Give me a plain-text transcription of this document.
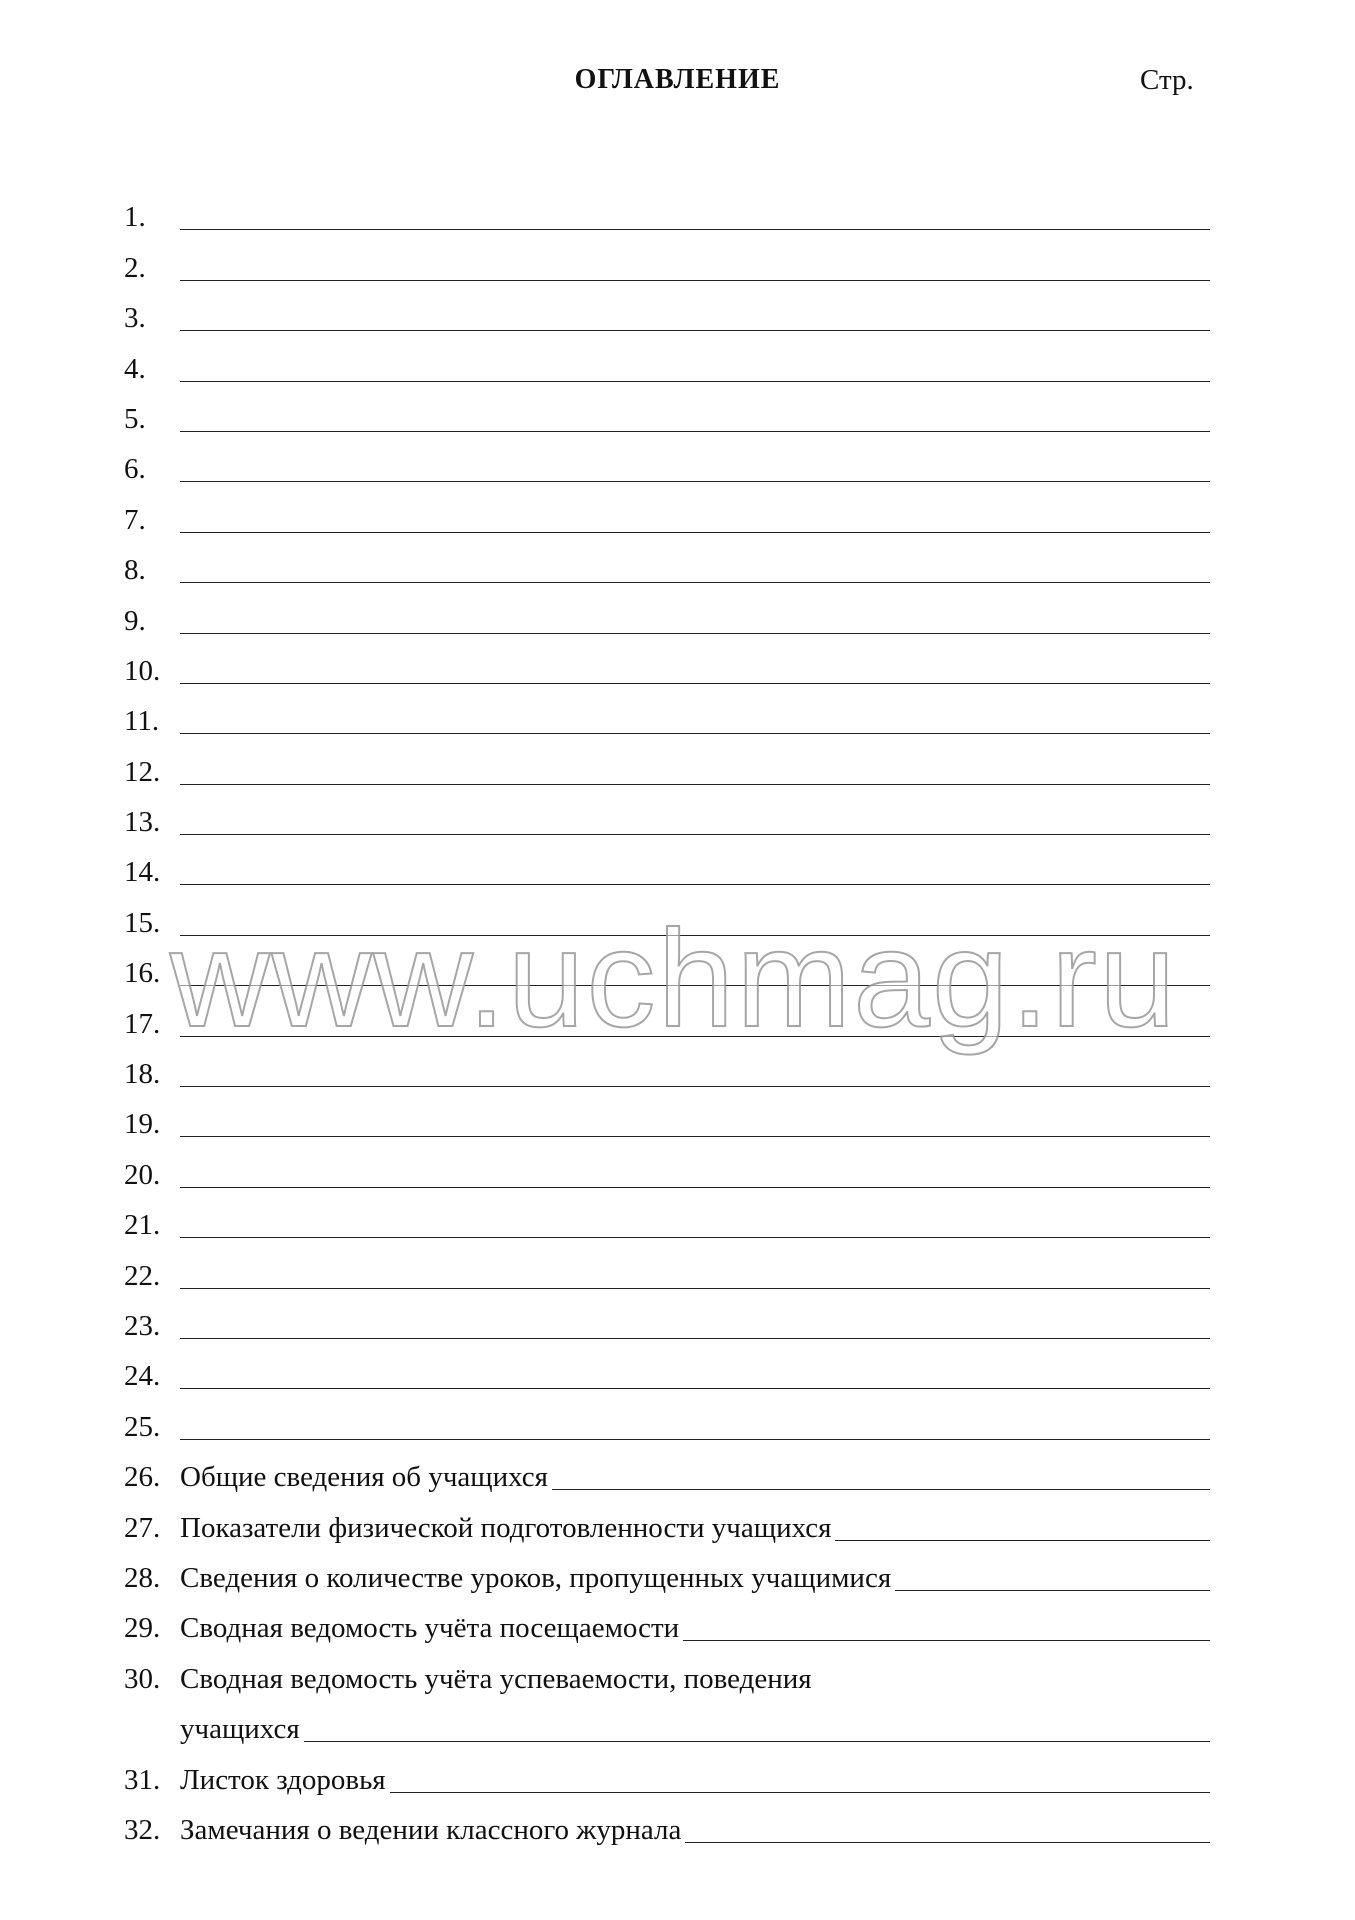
ОГЛАВЛЕНИЕ	Стр.
1.
2.
3.
4.
5.
6.
7.
8.
9.
10.
11.
12.
13.
14.
15.
16.
17.
18.
19.
20.
21.
22.
23.
24.
25.
26. Общие сведения об учащихся
27. Показатели физической подготовленности учащихся
28. Сведения о количестве уроков, пропущенных учащимися
29. Сводная ведомость учёта посещаемости
30. Сводная ведомость учёта успеваемости, поведения
учащихся
31. Листок здоровья
32. Замечания о ведении классного журнала
www.uchmag.ru
